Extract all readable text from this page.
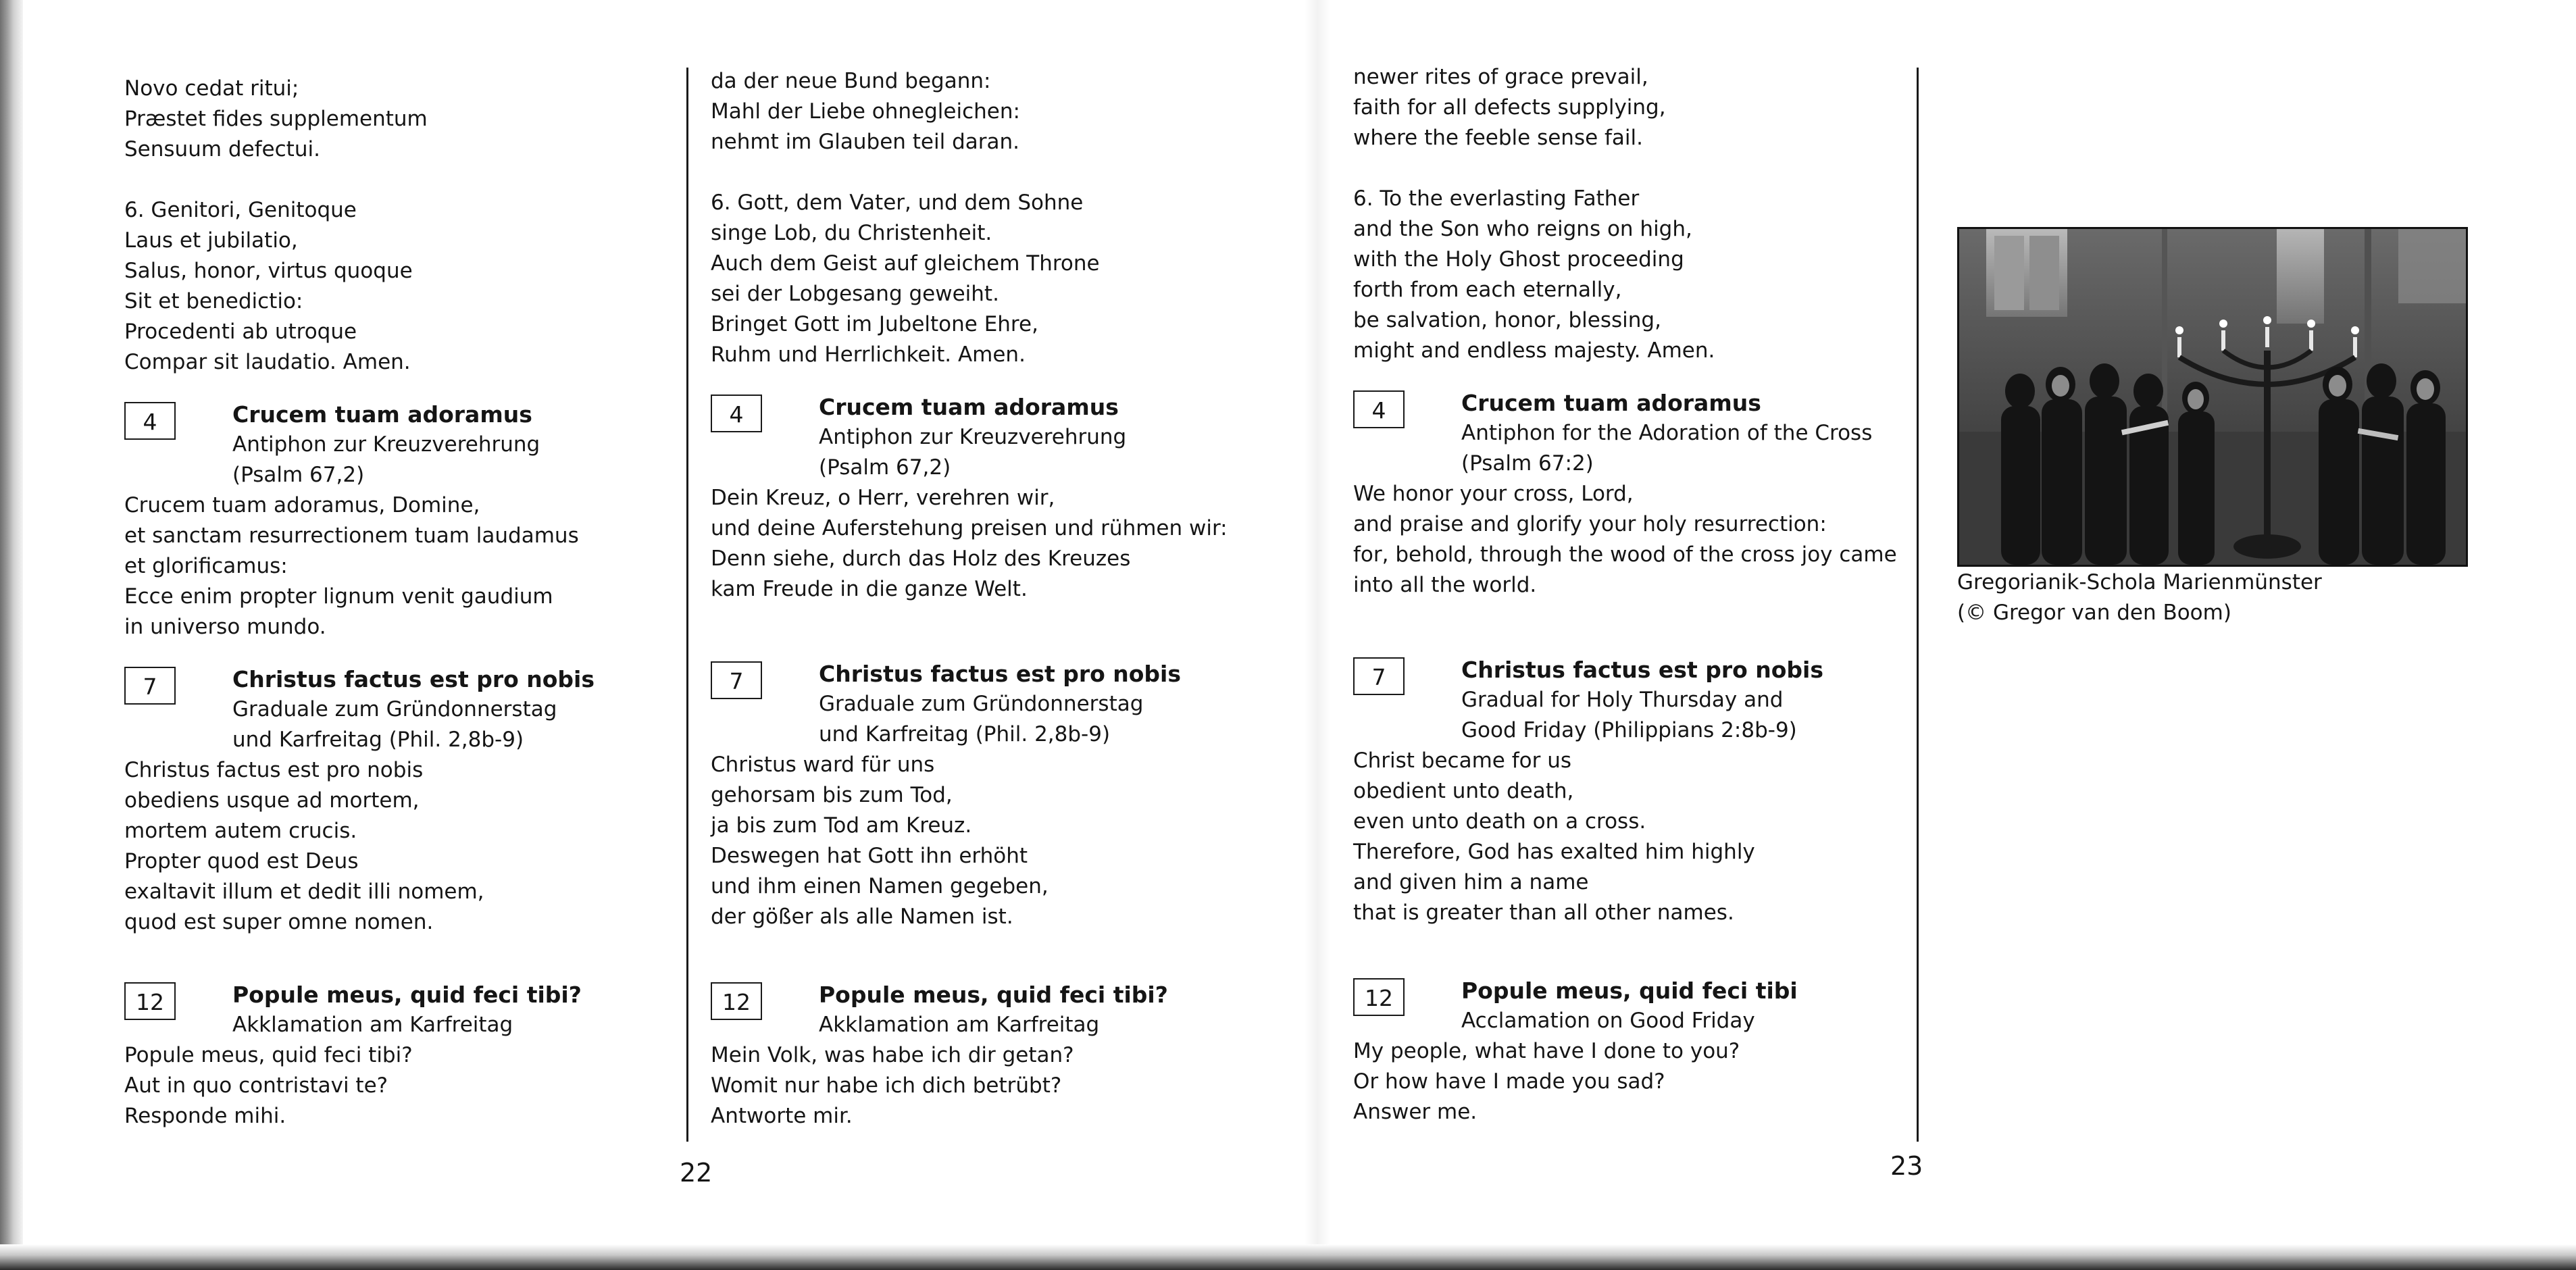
Novo cedat ritui;
Præstet fides supplementum
Sensuum defectui.
6. Genitori, Genitoque
Laus et jubilatio,
Salus, honor, virtus quoque
Sit et benedictio:
Procedenti ab utroque
Compar sit laudatio. Amen.
4	Crucem tuam adoramus
Antiphon zur Kreuzverehrung
(Psalm 67,2)
Crucem tuam adoramus, Domine,
et sanctam resurrectionem tuam laudamus
et glorificamus:
Ecce enim propter lignum venit gaudium
in universo mundo.
7	Christus factus est pro nobis
Graduale zum Gründonnerstag
und Karfreitag (Phil. 2,8b-9)
Christus factus est pro nobis
obediens usque ad mortem,
mortem autem crucis.
Propter quod est Deus
exaltavit illum et dedit illi nomem,
quod est super omne nomen.
12	Popule meus, quid feci tibi?
Akklamation am Karfreitag
Popule meus, quid feci tibi?
Aut in quo contristavi te?
Responde mihi.
da der neue Bund begann:
Mahl der Liebe ohnegleichen:
nehmt im Glauben teil daran.
6. Gott, dem Vater, und dem Sohne
singe Lob, du Christenheit.
Auch dem Geist auf gleichem Throne
sei der Lobgesang geweiht.
Bringet Gott im Jubeltone Ehre,
Ruhm und Herrlichkeit. Amen.
4	Crucem tuam adoramus
Antiphon zur Kreuzverehrung
(Psalm 67,2)
Dein Kreuz, o Herr, verehren wir,
und deine Auferstehung preisen und rühmen wir:
Denn siehe, durch das Holz des Kreuzes
kam Freude in die ganze Welt.
7	Christus factus est pro nobis
Graduale zum Gründonnerstag
und Karfreitag (Phil. 2,8b-9)
Christus ward für uns
gehorsam bis zum Tod,
ja bis zum Tod am Kreuz.
Deswegen hat Gott ihn erhöht
und ihm einen Namen gegeben,
der gößer als alle Namen ist.
12	Popule meus, quid feci tibi?
Akklamation am Karfreitag
Mein Volk, was habe ich dir getan?
Womit nur habe ich dich betrübt?
Antworte mir.
22
newer rites of grace prevail,
faith for all defects supplying,
where the feeble sense fail.
6. To the everlasting Father
and the Son who reigns on high,
with the Holy Ghost proceeding
forth from each eternally,
be salvation, honor, blessing,
might and endless majesty. Amen.
4	Crucem tuam adoramus
Antiphon for the Adoration of the Cross
(Psalm 67:2)
We honor your cross, Lord,
and praise and glorify your holy resurrection:
for, behold, through the wood of the cross joy came
into all the world.
7	Christus factus est pro nobis
Gradual for Holy Thursday and
Good Friday (Philippians 2:8b-9)
Christ became for us
obedient unto death,
even unto death on a cross.
Therefore, God has exalted him highly
and given him a name
that is greater than all other names.
12	Popule meus, quid feci tibi
Acclamation on Good Friday
My people, what have I done to you?
Or how have I made you sad?
Answer me.
23
Gregorianik-Schola Marienmünster
(© Gregor van den Boom)
